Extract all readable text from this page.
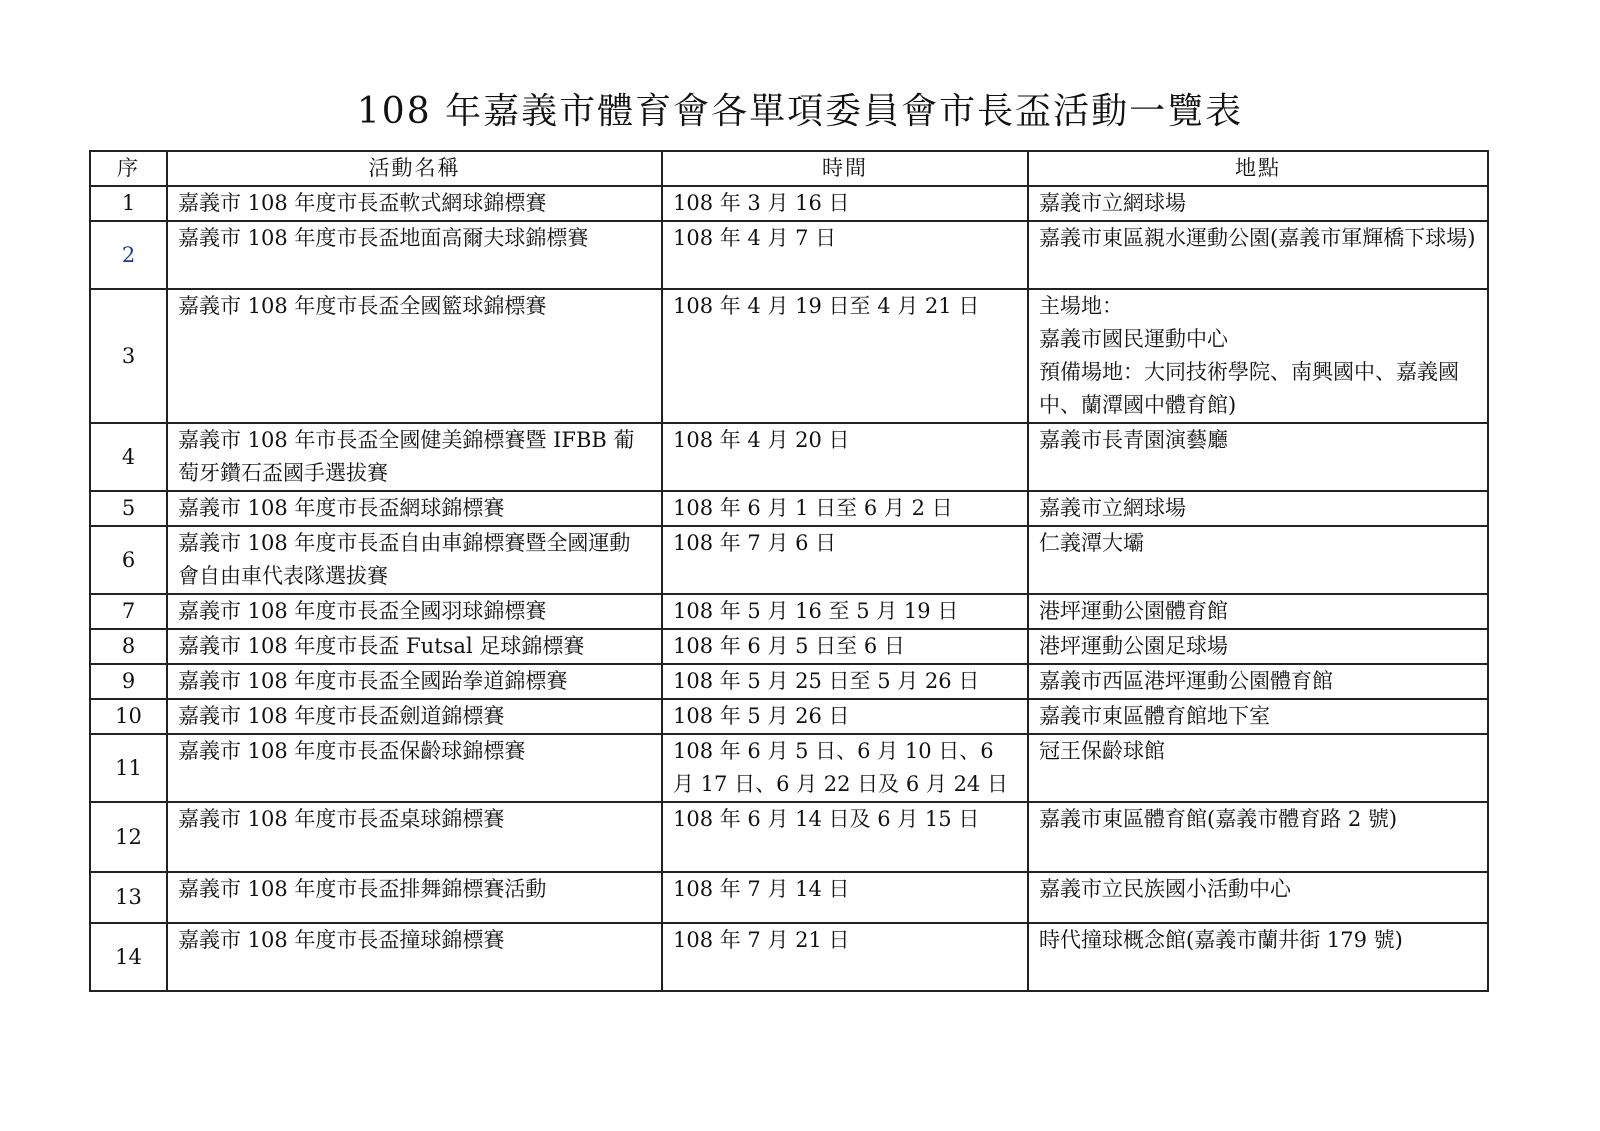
108 年嘉義市體育會各單項委員會市長盃活動一覽表
序	活動名稱	時間	地點
1	嘉義市 108 年度市長盃軟式網球錦標賽	108 年 3 月 16 日	嘉義市立網球場

2	嘉義市 108 年度市長盃地面高爾夫球錦標賽	108 年 4 月 7 日	嘉義市東區親水運動公園(嘉義市軍輝橋下球場)

3	嘉義市 108 年度市長盃全國籃球錦標賽	108 年 4 月 19 日至 4 月 21 日	主場地：
嘉義市國民運動中心
預備場地：大同技術學院、南興國中、嘉義國中、蘭潭國中體育館)

4	嘉義市 108 年市長盃全國健美錦標賽暨 IFBB 葡萄牙鑽石盃國手選拔賽	108 年 4 月 20 日	嘉義市長青園演藝廳

5	嘉義市 108 年度市長盃網球錦標賽	108 年 6 月 1 日至 6 月 2 日	嘉義市立網球場

6	嘉義市 108 年度市長盃自由車錦標賽暨全國運動會自由車代表隊選拔賽	108 年 7 月 6 日	仁義潭大壩

7	嘉義市 108 年度市長盃全國羽球錦標賽	108 年 5 月 16 至 5 月 19 日	港坪運動公園體育館

8	嘉義市 108 年度市長盃 Futsal 足球錦標賽	108 年 6 月 5 日至 6 日	港坪運動公園足球場

9	嘉義市 108 年度市長盃全國跆拳道錦標賽	108 年 5 月 25 日至 5 月 26 日	嘉義市西區港坪運動公園體育館

10	嘉義市 108 年度市長盃劍道錦標賽	108 年 5 月 26 日	嘉義市東區體育館地下室

11	嘉義市 108 年度市長盃保齡球錦標賽	108 年 6 月 5 日、6 月 10 日、6 月 17 日、6 月 22 日及 6 月 24 日	冠王保齡球館

12	嘉義市 108 年度市長盃桌球錦標賽	108 年 6 月 14 日及 6 月 15 日	嘉義市東區體育館(嘉義市體育路 2 號)

13	嘉義市 108 年度市長盃排舞錦標賽活動	108 年 7 月 14 日	嘉義市立民族國小活動中心

14	嘉義市 108 年度市長盃撞球錦標賽	108 年 7 月 21 日	時代撞球概念館(嘉義市蘭井街 179 號)
